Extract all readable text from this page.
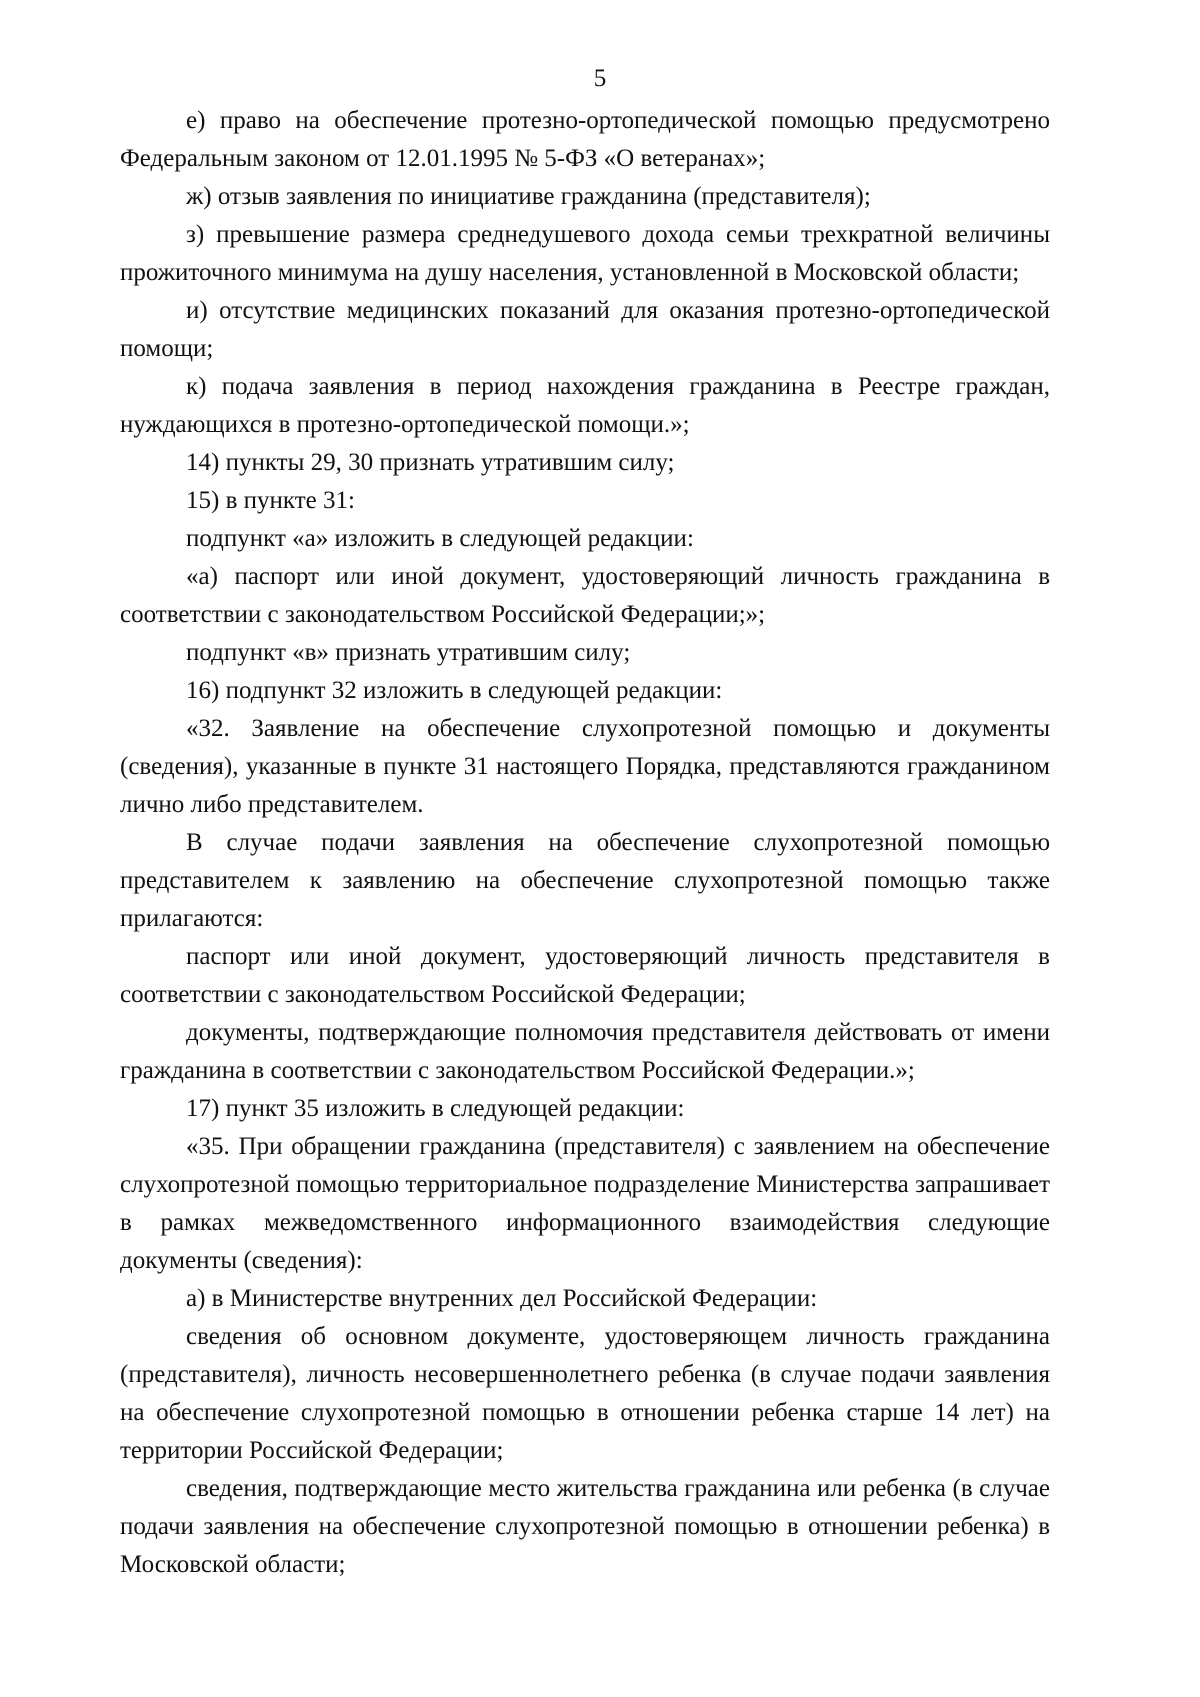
5

е) право на обеспечение протезно-ортопедической помощью предусмотрено Федеральным законом от 12.01.1995 № 5-ФЗ «О ветеранах»;

ж) отзыв заявления по инициативе гражданина (представителя);

з) превышение размера среднедушевого дохода семьи трехкратной величины прожиточного минимума на душу населения, установленной в Московской области;

и) отсутствие медицинских показаний для оказания протезно-ортопедической помощи;

к) подача заявления в период нахождения гражданина в Реестре граждан, нуждающихся в протезно-ортопедической помощи.»;

14) пункты 29, 30 признать утратившим силу;

15) в пункте 31:

подпункт «а» изложить в следующей редакции:

«а) паспорт или иной документ, удостоверяющий личность гражданина в соответствии с законодательством Российской Федерации;»;

подпункт «в» признать утратившим силу;

16) подпункт 32 изложить в следующей редакции:

«32. Заявление на обеспечение слухопротезной помощью и документы (сведения), указанные в пункте 31 настоящего Порядка, представляются гражданином лично либо представителем.

В случае подачи заявления на обеспечение слухопротезной помощью представителем к заявлению на обеспечение слухопротезной помощью также прилагаются:

паспорт или иной документ, удостоверяющий личность представителя в соответствии с законодательством Российской Федерации;

документы, подтверждающие полномочия представителя действовать от имени гражданина в соответствии с законодательством Российской Федерации.»;

17) пункт 35 изложить в следующей редакции:

«35. При обращении гражданина (представителя) с заявлением на обеспечение слухопротезной помощью территориальное подразделение Министерства запрашивает в рамках межведомственного информационного взаимодействия следующие документы (сведения):

а) в Министерстве внутренних дел Российской Федерации:

сведения об основном документе, удостоверяющем личность гражданина (представителя), личность несовершеннолетнего ребенка (в случае подачи заявления на обеспечение слухопротезной помощью в отношении ребенка старше 14 лет) на территории Российской Федерации;

сведения, подтверждающие место жительства гражданина или ребенка (в случае подачи заявления на обеспечение слухопротезной помощью в отношении ребенка) в Московской области;
